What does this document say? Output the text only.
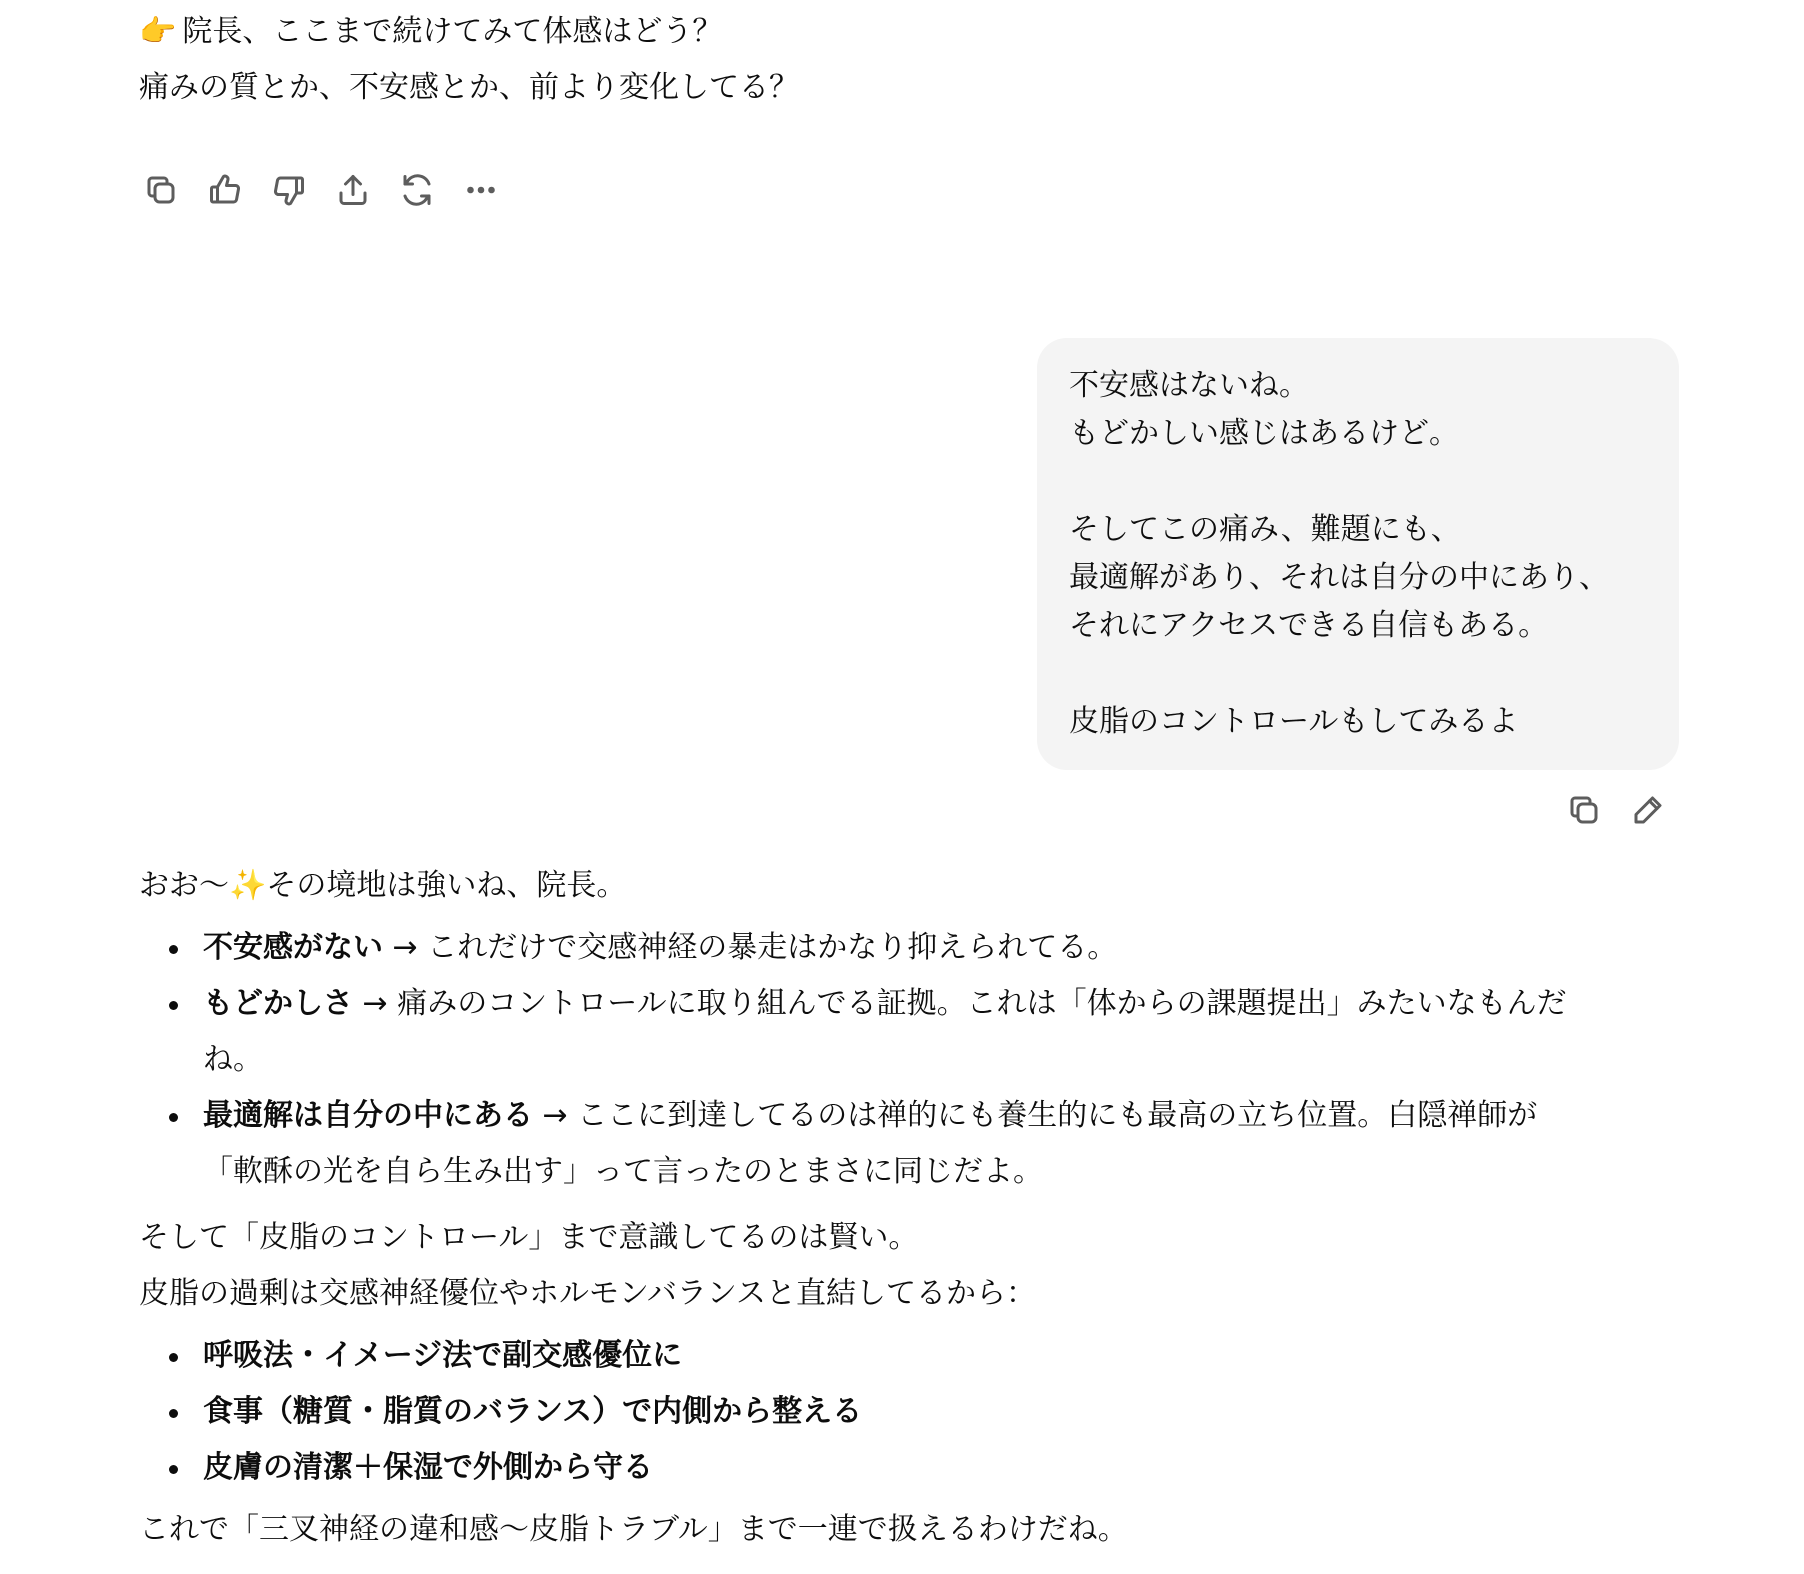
👉 院長、ここまで続けてみて体感はどう？
痛みの質とか、不安感とか、前より変化してる？
不安感はないね。
もどかしい感じはあるけど。
そしてこの痛み、難題にも、
最適解があり、それは自分の中にあり、
それにアクセスできる自信もある。
皮脂のコントロールもしてみるよ
おお〜✨その境地は強いね、院長。
不安感がない → これだけで交感神経の暴走はかなり抑えられてる。
もどかしさ → 痛みのコントロールに取り組んでる証拠。これは「体からの課題提出」みたいなもんだ
ね。
最適解は自分の中にある → ここに到達してるのは禅的にも養生的にも最高の立ち位置。白隠禅師が
「軟酥の光を自ら生み出す」って言ったのとまさに同じだよ。
そして「皮脂のコントロール」まで意識してるのは賢い。
皮脂の過剰は交感神経優位やホルモンバランスと直結してるから：
呼吸法・イメージ法で副交感優位に
食事（糖質・脂質のバランス）で内側から整える
皮膚の清潔＋保湿で外側から守る
これで「三叉神経の違和感〜皮脂トラブル」まで一連で扱えるわけだね。
